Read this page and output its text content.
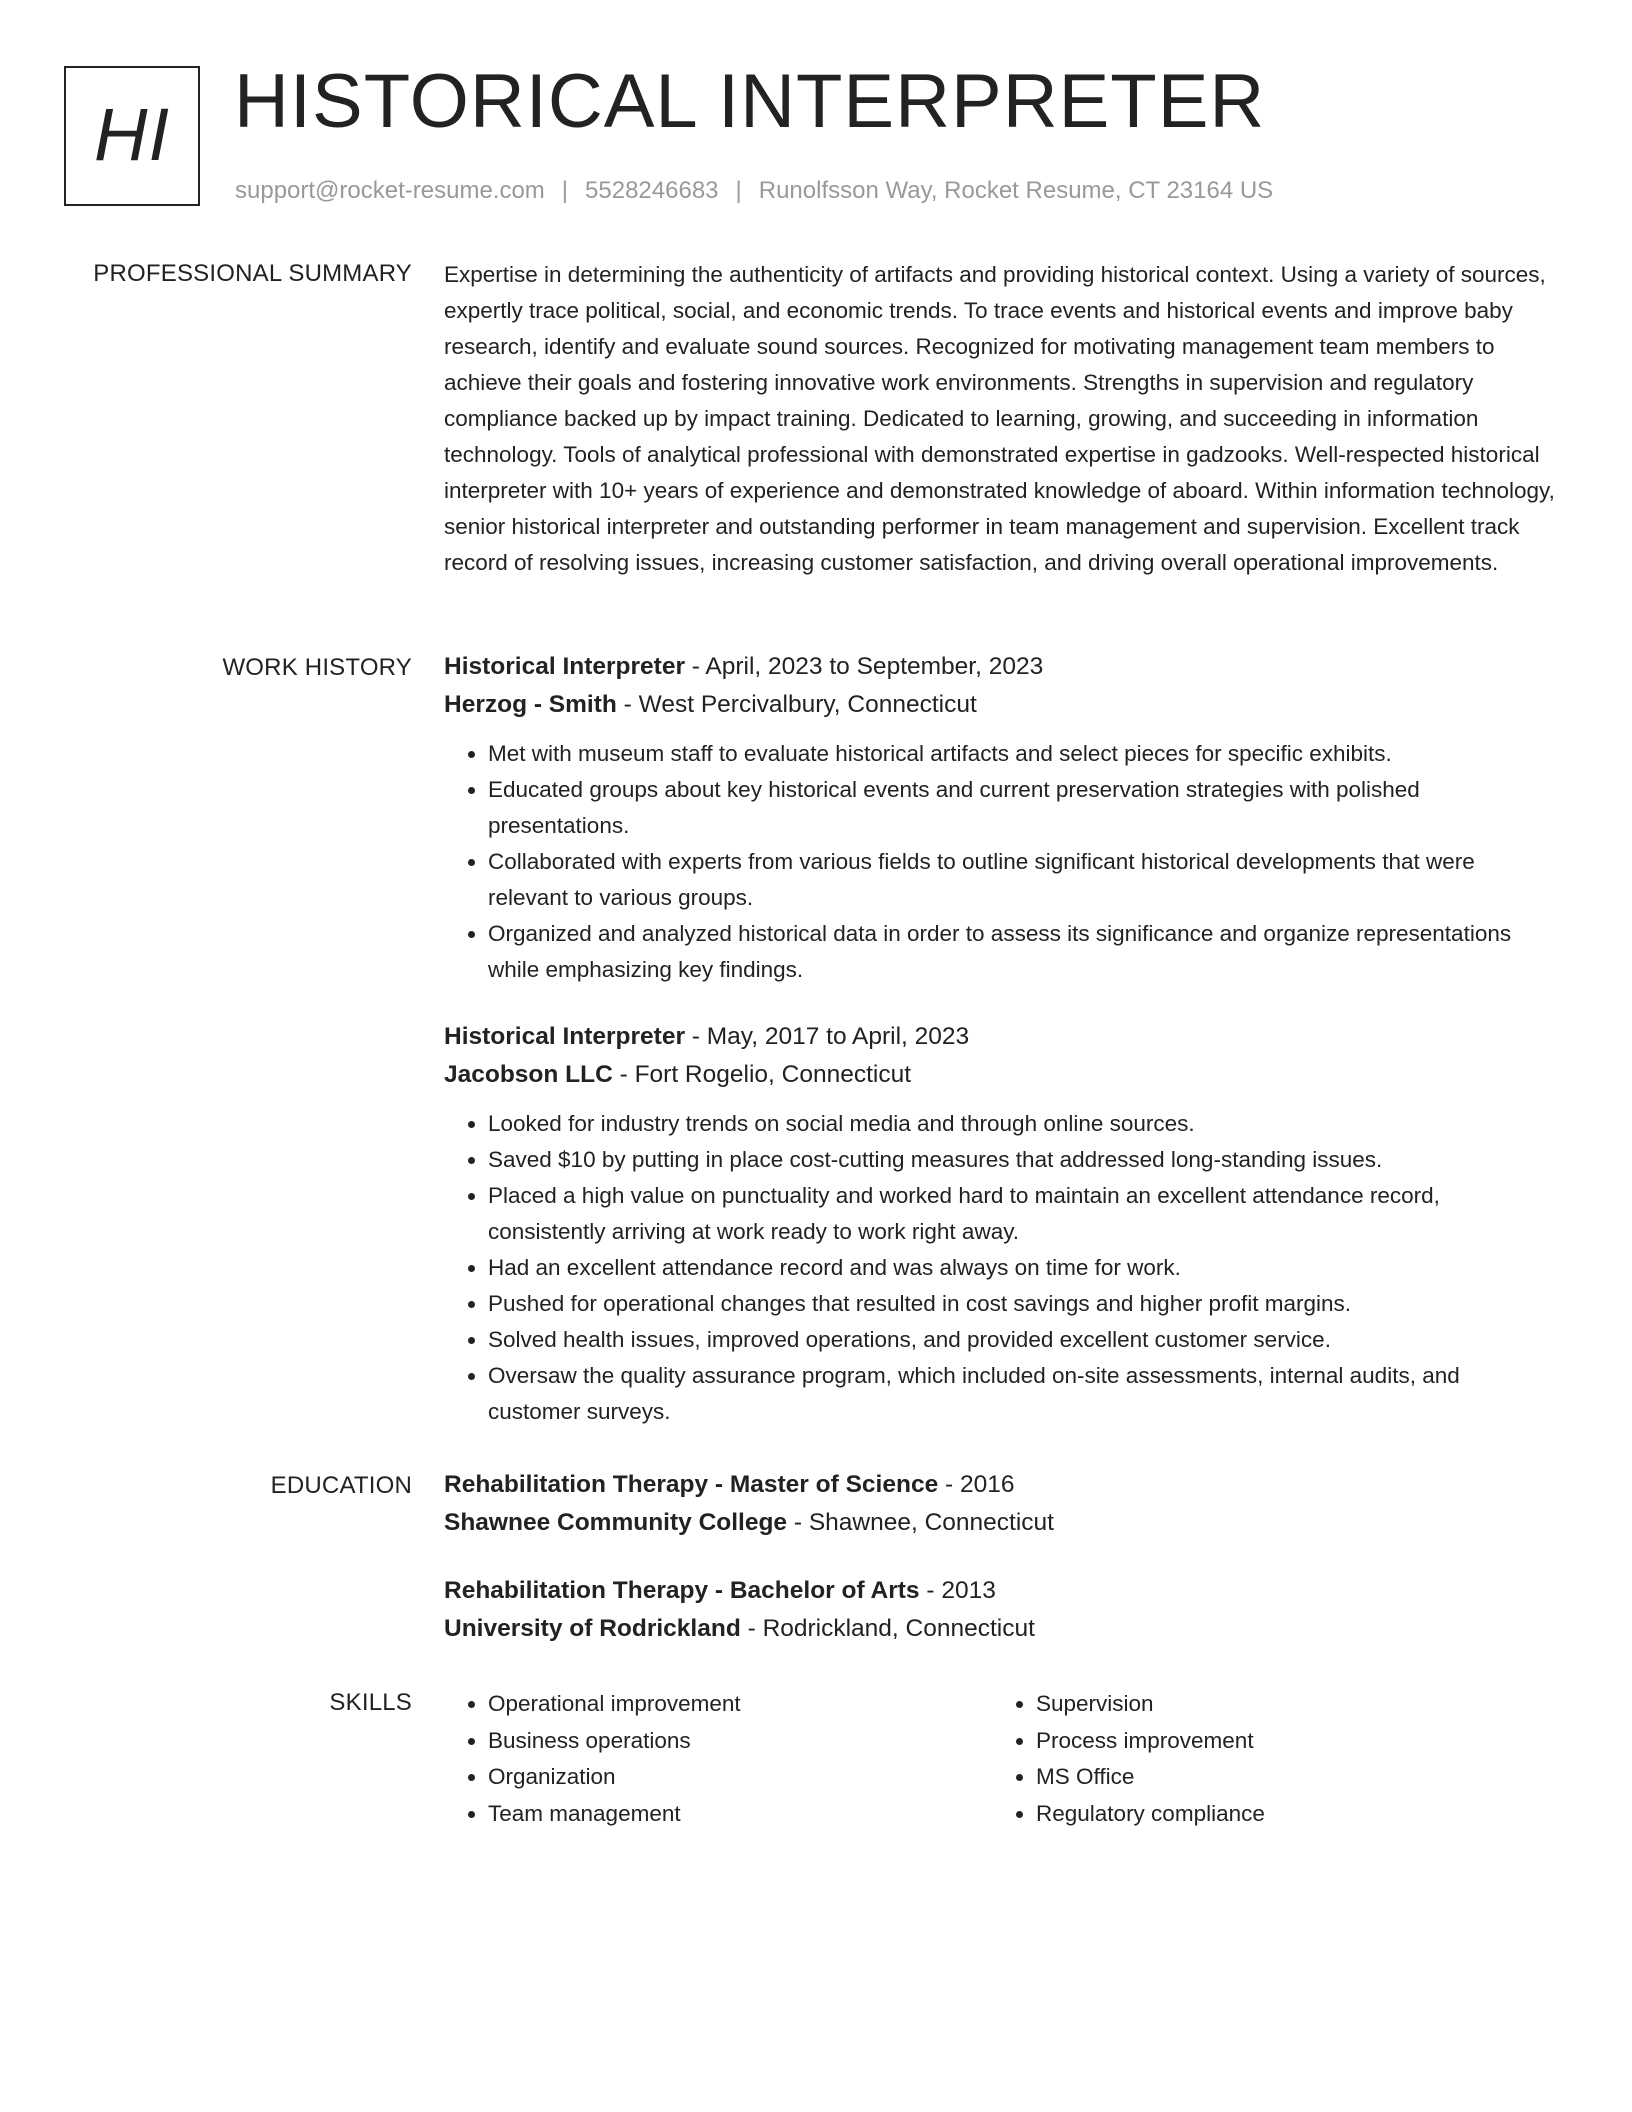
HI HISTORICAL INTERPRETER
support@rocket-resume.com | 5528246683 | Runolfsson Way, Rocket Resume, CT 23164 US
PROFESSIONAL SUMMARY Expertise in determining the authenticity of artifacts and providing historical context. Using a variety of sources, expertly trace political, social, and economic trends. To trace events and historical events and improve baby research, identify and evaluate sound sources. Recognized for motivating management team members to achieve their goals and fostering innovative work environments. Strengths in supervision and regulatory compliance backed up by impact training. Dedicated to learning, growing, and succeeding in information technology. Tools of analytical professional with demonstrated expertise in gadzooks. Well-respected historical interpreter with 10+ years of experience and demonstrated knowledge of aboard. Within information technology, senior historical interpreter and outstanding performer in team management and supervision. Excellent track record of resolving issues, increasing customer satisfaction, and driving overall operational improvements.

WORK HISTORY Historical Interpreter - April, 2023 to September, 2023

Herzog - Smith - West Percivalbury, Connecticut

• Met with museum staff to evaluate historical artifacts and select pieces for specific exhibits.
• Educated groups about key historical events and current preservation strategies with polished presentations.
• Collaborated with experts from various fields to outline significant historical developments that were relevant to various groups.
• Organized and analyzed historical data in order to assess its significance and organize representations while emphasizing key findings.

Historical Interpreter - May, 2017 to April, 2023

Jacobson LLC - Fort Rogelio, Connecticut

• Looked for industry trends on social media and through online sources.
• Saved $10 by putting in place cost-cutting measures that addressed long-standing issues.
• Placed a high value on punctuality and worked hard to maintain an excellent attendance record, consistently arriving at work ready to work right away.
• Had an excellent attendance record and was always on time for work.
• Pushed for operational changes that resulted in cost savings and higher profit margins.
• Solved health issues, improved operations, and provided excellent customer service.
• Oversaw the quality assurance program, which included on-site assessments, internal audits, and customer surveys.
EDUCATION Rehabilitation Therapy - Master of Science - 2016

Shawnee Community College - Shawnee, Connecticut

Rehabilitation Therapy - Bachelor of Arts - 2013

University of Rodrickland - Rodrickland, Connecticut

SKILLS
•	Operational improvement
• Business operations
• Organization
• Team management
• Supervision
• Process improvement
• MS Office
• Regulatory compliance
